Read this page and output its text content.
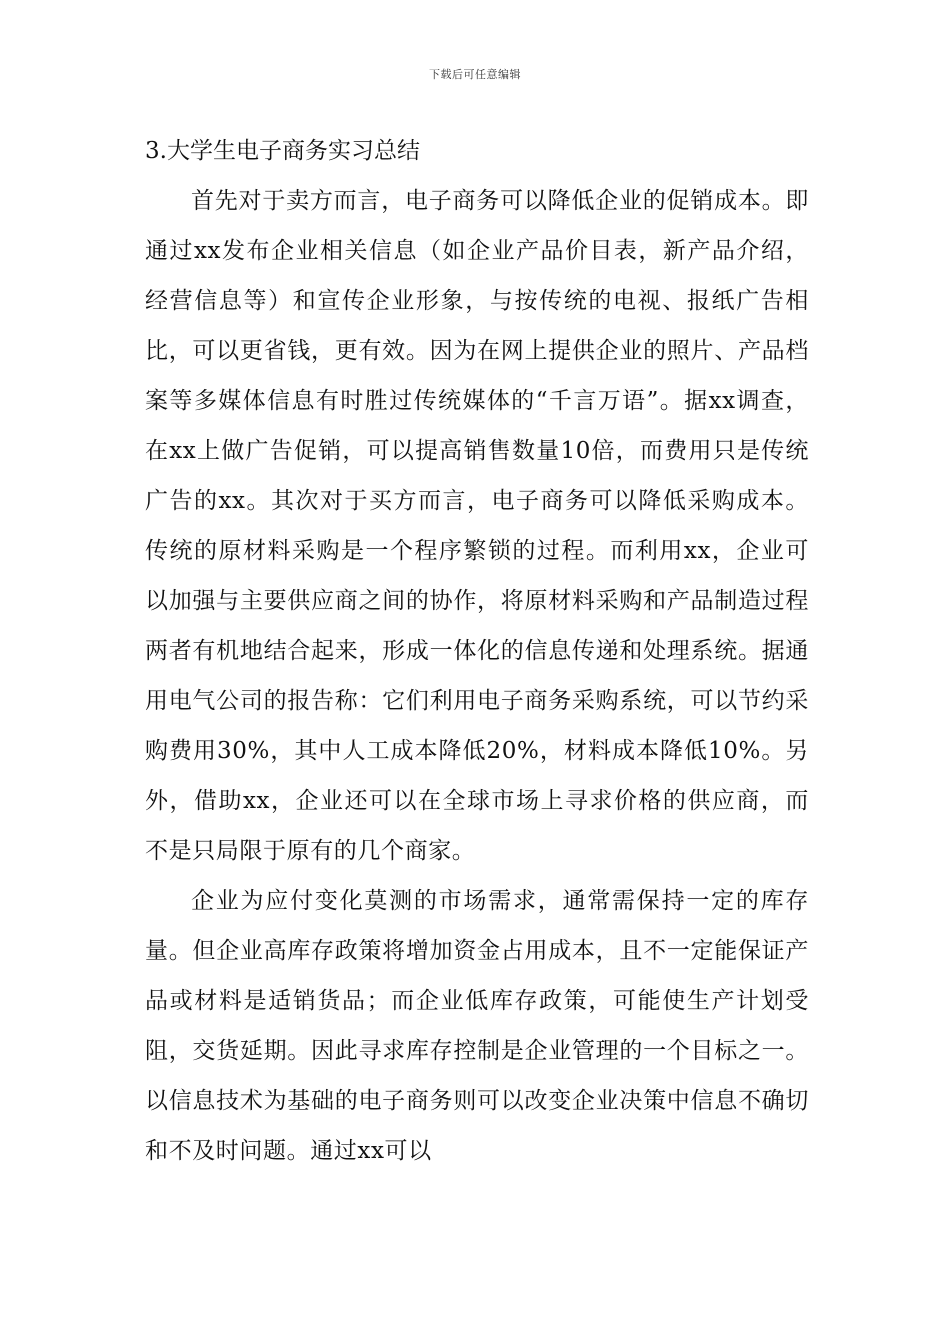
下载后可任意编辑

3.大学生电子商务实习总结

首先对于卖方而言，电子商务可以降低企业的促销成本。即通过xx发布企业相关信息（如企业产品价目表，新产品介绍，经营信息等）和宣传企业形象，与按传统的电视、报纸广告相比，可以更省钱，更有效。因为在网上提供企业的照片、产品档案等多媒体信息有时胜过传统媒体的“千言万语”。据xx调查，在xx上做广告促销，可以提高销售数量10倍，而费用只是传统广告的xx。其次对于买方而言，电子商务可以降低采购成本。传统的原材料采购是一个程序繁锁的过程。而利用xx，企业可以加强与主要供应商之间的协作，将原材料采购和产品制造过程两者有机地结合起来，形成一体化的信息传递和处理系统。据通用电气公司的报告称：它们利用电子商务采购系统，可以节约采购费用30%，其中人工成本降低20%，材料成本降低10%。另外，借助xx，企业还可以在全球市场上寻求价格的供应商，而不是只局限于原有的几个商家。

企业为应付变化莫测的市场需求，通常需保持一定的库存量。但企业高库存政策将增加资金占用成本，且不一定能保证产品或材料是适销货品；而企业低库存政策，可能使生产计划受阻，交货延期。因此寻求库存控制是企业管理的一个目标之一。以信息技术为基础的电子商务则可以改变企业决策中信息不确切和不及时问题。通过xx可以
